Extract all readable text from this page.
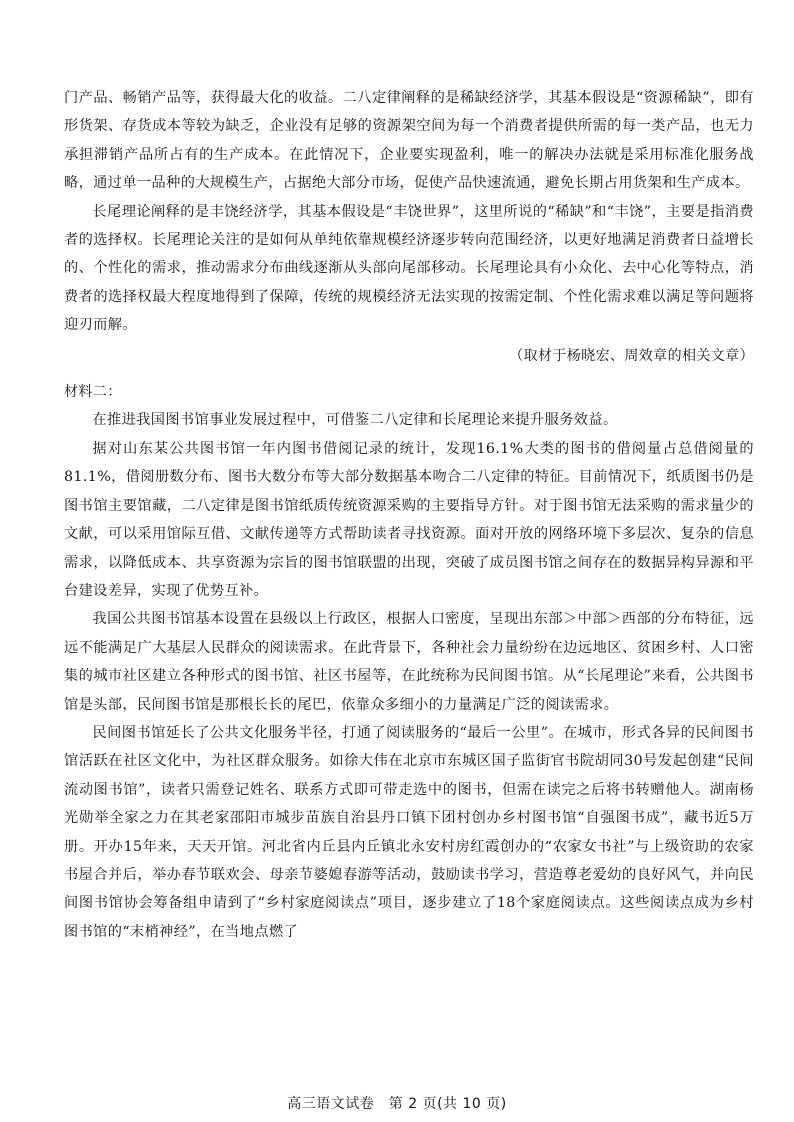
门产品、畅销产品等，获得最大化的收益。二八定律阐释的是稀缺经济学，其基本假设是“资源稀缺”，即有形货架、存货成本等较为缺乏，企业没有足够的资源架空间为每一个消费者提供所需的每一类产品，也无力承担滞销产品所占有的生产成本。在此情况下，企业要实现盈利，唯一的解决办法就是采用标准化服务战略，通过单一品种的大规模生产，占据绝大部分市场，促使产品快速流通，避免长期占用货架和生产成本。

长尾理论阐释的是丰饶经济学，其基本假设是“丰饶世界”，这里所说的“稀缺”和“丰饶”，主要是指消费者的选择权。长尾理论关注的是如何从单纯依靠规模经济逐步转向范围经济，以更好地满足消费者日益增长的、个性化的需求，推动需求分布曲线逐渐从头部向尾部移动。长尾理论具有小众化、去中心化等特点，消费者的选择权最大程度地得到了保障，传统的规模经济无法实现的按需定制、个性化需求难以满足等问题将迎刃而解。

（取材于杨晓宏、周效章的相关文章）

材料二：

在推进我国图书馆事业发展过程中，可借鉴二八定律和长尾理论来提升服务效益。

据对山东某公共图书馆一年内图书借阅记录的统计，发现16.1%大类的图书的借阅量占总借阅量的81.1%，借阅册数分布、图书大数分布等大部分数据基本吻合二八定律的特征。目前情况下，纸质图书仍是图书馆主要馆藏，二八定律是图书馆纸质传统资源采购的主要指导方针。对于图书馆无法采购的需求量少的文献，可以采用馆际互借、文献传递等方式帮助读者寻找资源。面对开放的网络环境下多层次、复杂的信息需求，以降低成本、共享资源为宗旨的图书馆联盟的出现，突破了成员图书馆之间存在的数据异构异源和平台建设差异，实现了优势互补。

我国公共图书馆基本设置在县级以上行政区，根据人口密度，呈现出东部＞中部＞西部的分布特征，远远不能满足广大基层人民群众的阅读需求。在此背景下，各种社会力量纷纷在边远地区、贫困乡村、人口密集的城市社区建立各种形式的图书馆、社区书屋等，在此统称为民间图书馆。从“长尾理论”来看，公共图书馆是头部，民间图书馆是那根长长的尾巴，依靠众多细小的力量满足广泛的阅读需求。

民间图书馆延长了公共文化服务半径，打通了阅读服务的“最后一公里”。在城市，形式各异的民间图书馆活跃在社区文化中，为社区群众服务。如徐大伟在北京市东城区国子监街官书院胡同30号发起创建“民间流动图书馆”，读者只需登记姓名、联系方式即可带走选中的图书，但需在读完之后将书转赠他人。湖南杨光勋举全家之力在其老家邵阳市城步苗族自治县丹口镇下团村创办乡村图书馆“自强图书成”，藏书近5万册。开办15年来，天天开馆。河北省内丘县内丘镇北永安村房红霞创办的“农家女书社”与上级资助的农家书屋合并后，举办春节联欢会、母亲节婆媳春游等活动，鼓励读书学习，营造尊老爱幼的良好风气，并向民间图书馆协会筹备组申请到了“乡村家庭阅读点”项目，逐步建立了18个家庭阅读点。这些阅读点成为乡村图书馆的“末梢神经”，在当地点燃了

高三语文试卷　第 2 页(共 10 页)
